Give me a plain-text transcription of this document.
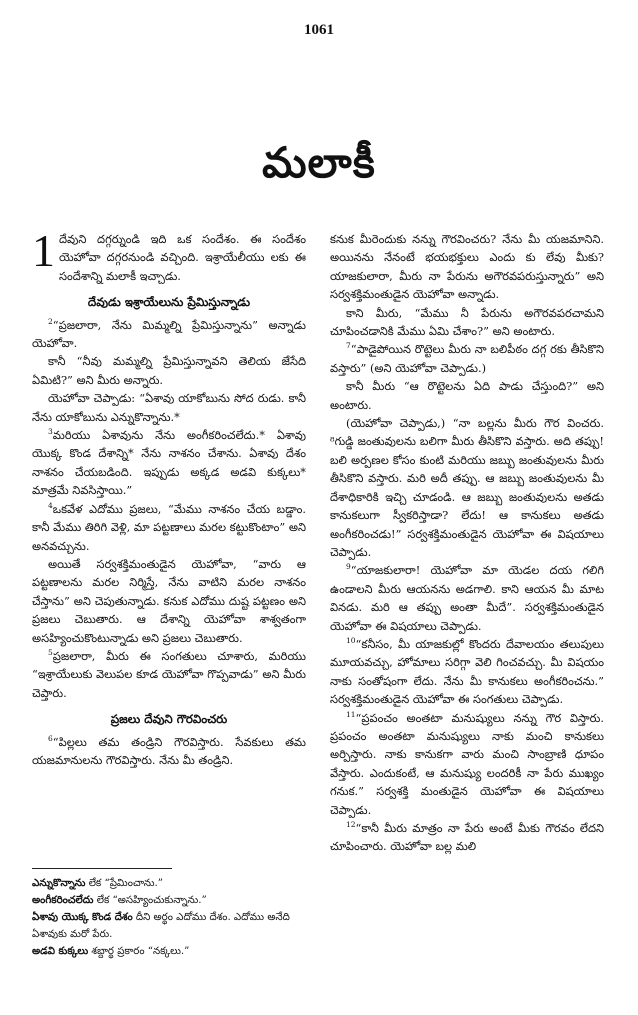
1061
మలాకీ
1 దేవుని దగ్గర్నుండి ఇది ఒక సందేశం. ఈ సందేశం యెహోవా దగ్గరనుండి వచ్చింది. ఇశ్రాయేలీయు లకు ఈ సందేశాన్ని మలాకీ ఇచ్చాడు.
దేవుడు ఇశ్రాయేలును ప్రేమిస్తున్నాడు

$^2$“ప్రజలారా, నేను మిమ్మల్ని ప్రేమిస్తున్నాను” అన్నాడు యెహోవా.

కానీ “నీవు మమ్మల్ని ప్రేమిస్తున్నావని తెలియ జేసేది ఏమిటి?” అని మీరు అన్నారు.

యెహోవా చెప్పాడు: “ఏశావు యాకోబును సోద రుడు. కానీ నేను యాకోబును ఎన్నుకొన్నాను.*

$^3$మరియు ఏశావును నేను అంగీకరించలేదు.* ఏశావు యొక్క కొండ దేశాన్ని* నేను నాశనం చేశాను. ఏశావు దేశం నాశనం చేయబడింది. ఇప్పుడు అక్కడ అడవి కుక్కలు* మాత్రమే నివసిస్తాయి.”

$^4$ఒకవేళ ఎదోము ప్రజలు, “మేము నాశనం చేయ బడ్డాం. కానీ మేము తిరిగి వెళ్లి, మా పట్టణాలు మరల కట్టుకొంటాం” అని అనవచ్చును.

అయితే సర్వశక్తిమంతుడైన యెహోవా, “వారు ఆ పట్టణాలను మరల నిర్మిస్తే, నేను వాటిని మరల నాశనం చేస్తాను” అని చెపుతున్నాడు. కనుక ఎదోము దుష్ట పట్టణం అని ప్రజలు చెబుతారు. ఆ దేశాన్ని యెహోవా శాశ్వతంగా అసహ్యించుకొంటున్నాడు అని ప్రజలు చెబుతారు.

$^5$ప్రజలారా, మీరు ఈ సంగతులు చూశారు, మరియు “ఇశ్రాయేలుకు వెలుపల కూడ యెహోవా గొప్పవాడు” అని మీరు చెప్తారు.

ప్రజలు దేవుని గౌరవించరు

$^6$“పిల్లలు తమ తండ్రిని గౌరవిస్తారు. సేవకులు తమ యజమానులను గౌరవిస్తారు. నేను మీ తండ్రిని.

ఎన్నుకొన్నాను లేక “ప్రేమించాను.”
అంగీకరించలేదు లేక “అసహ్యించుకున్నాను.”
ఏశావు యొక్క కొండ దేశం దీని అర్థం ఎదోము దేశం. ఎదోము అనేది ఏశావుకు మరో పేరు.
అడవి కుక్కలు శబ్దార్థ ప్రకారం “నక్కలు.”

కనుక మీరెందుకు నన్ను గౌరవించరు? నేను మీ యజమానిని. అయినను నేనంటే భయభక్తులు ఎందు కు లేవు మీకు? యాజకులారా, మీరు నా పేరును అగౌరవపరుస్తున్నారు” అని సర్వశక్తిమంతుడైన యెహోవా అన్నాడు.

కాని మీరు, “మేము నీ పేరును అగౌరవపరచామని చూపించడానికి మేము ఏమి చేశాం?” అని అంటారు.

$^7$“పాడైపోయిన రొట్టెలు మీరు నా బలిపీఠం దగ్గ రకు తీసికొని వస్తారు” (అని యెహోవా చెప్పాడు.)

కానీ మీరు “ఆ రొట్టెలను ఏది పాడు చేస్తుంది?” అని అంటారు.

(యెహోవా చెప్పాడు,) “నా బల్లను మీరు గౌర వించరు. ⁸గుడ్డి జంతువులను బలిగా మీరు తీసికొని వస్తారు. అది తప్పు! బలి అర్పణల కోసం కుంటి మరియు జబ్బు జంతువులను మీరు తీసికొని వస్తారు. మరి అదీ తప్పు. ఆ జబ్బు జంతువులను మీ దేశాధికారికి ఇచ్చి చూడండి. ఆ జబ్బు జంతువులను అతడు కానుకలుగా స్వీకరిస్తాడా? లేదు! ఆ కానుకలు అతడు అంగీకరించడు!” సర్వశక్తిమంతుడైన యెహోవా ఈ విషయాలు చెప్పాడు.

$^9$“యాజకులారా! యెహోవా మా యెడల దయ గలిగి ఉండాలని మీరు ఆయనను అడగాలి. కాని ఆయన మీ మాట వినడు. మరి ఆ తప్పు అంతా మీదే”. సర్వశక్తిమంతుడైన యెహోవా ఈ విషయాలు చెప్పాడు.

$^{10}$“కనీసం, మీ యాజకుల్లో కొందరు దేవాలయం తలుపులు మూయవచ్చు, హోమాలు సరిగ్గా వెలి గించవచ్చు. మీ విషయం నాకు సంతోషంగా లేదు. నేను మీ కానుకలు అంగీకరించను.” సర్వశక్తిమంతుడైన యెహోవా ఈ సంగతులు చెప్పాడు.

$^{11}$“ప్రపంచం అంతటా మనుష్యులు నన్ను గౌర విస్తారు. ప్రపంచం అంతటా మనుష్యులు నాకు మంచి కానుకలు అర్పిస్తారు. నాకు కానుకగా వారు మంచి సాంబ్రాణి ధూపం వేస్తారు. ఎందుకంటే, ఆ మనుష్యు లందరికీ నా పేరు ముఖ్యం గనుక.” సర్వశక్తి మంతుడైన యెహోవా ఈ విషయాలు చెప్పాడు.

$^{12}$“కానీ మీరు మాత్రం నా పేరు అంటే మీకు గౌరవం లేదని చూపించారు. యెహోవా బల్ల మలి
